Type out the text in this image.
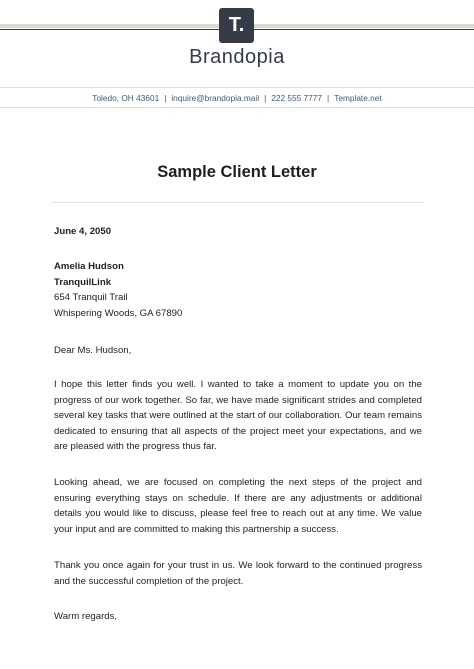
T.
Brandopia
Toledo, OH 43601 | inquire@brandopia.mail | 222 555 7777 | Template.net
Sample Client Letter
June 4, 2050
Amelia Hudson
TranquilLink
654 Tranquil Trail
Whispering Woods, GA 67890
Dear Ms. Hudson,
I hope this letter finds you well. I wanted to take a moment to update you on the progress of our work together. So far, we have made significant strides and completed several key tasks that were outlined at the start of our collaboration. Our team remains dedicated to ensuring that all aspects of the project meet your expectations, and we are pleased with the progress thus far.
Looking ahead, we are focused on completing the next steps of the project and ensuring everything stays on schedule. If there are any adjustments or additional details you would like to discuss, please feel free to reach out at any time. We value your input and are committed to making this partnership a success.
Thank you once again for your trust in us. We look forward to the continued progress and the successful completion of the project.
Warm regards,
